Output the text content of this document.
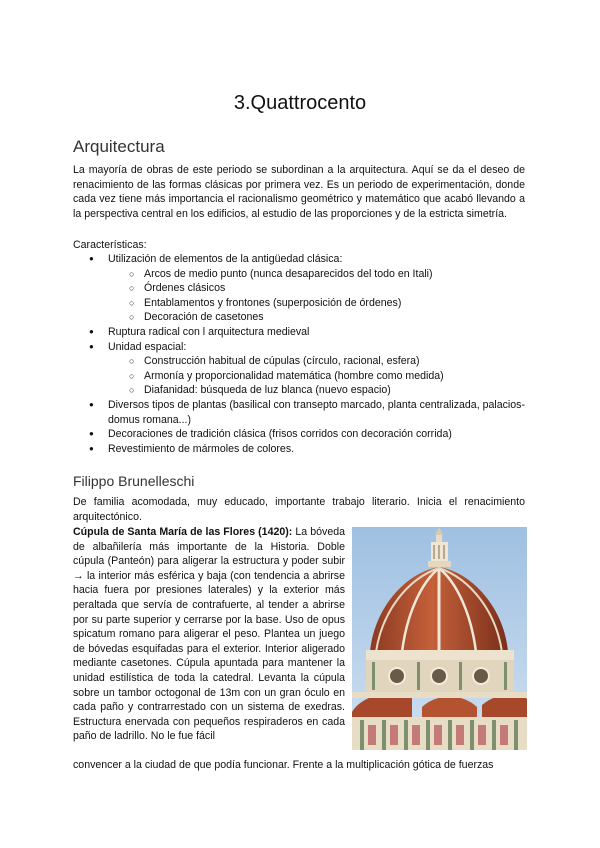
3.Quattrocento
Arquitectura
La mayoría de obras de este periodo se subordinan a la arquitectura. Aquí se da el deseo de renacimiento de las formas clásicas por primera vez. Es un periodo de experimentación, donde cada vez tiene más importancia el racionalismo geométrico y matemático que acabó llevando a la perspectiva central en los edificios, al estudio de las proporciones y de la estricta simetría.
Características:
● Utilización de elementos de la antigüedad clásica:
○ Arcos de medio punto (nunca desaparecidos del todo en Itali)
○ Órdenes clásicos
○ Entablamentos y frontones (superposición de órdenes)
○ Decoración de casetones
● Ruptura radical con l arquitectura medieval
● Unidad espacial:
○ Construcción habitual de cúpulas (círculo, racional, esfera)
○ Armonía y proporcionalidad matemática (hombre como medida)
○ Diafanidad: búsqueda de luz blanca (nuevo espacio)
● Diversos tipos de plantas (basilical con transepto marcado, planta centralizada, palacios-domus romana...)
● Decoraciones de tradición clásica (frisos corridos con decoración corrida)
● Revestimiento de mármoles de colores.
Filippo Brunelleschi
De familia acomodada, muy educado, importante trabajo literario. Inicia el renacimiento arquitectónico.
Cúpula de Santa María de las Flores (1420): La bóveda de albañilería más importante de la Historia. Doble cúpula (Panteón) para aligerar la estructura y poder subir → la interior más esférica y baja (con tendencia a abrirse hacia fuera por presiones laterales) y la exterior más peraltada que servía de contrafuerte, al tender a abrirse por su parte superior y cerrarse por la base. Uso de opus spicatum romano para aligerar el peso. Plantea un juego de bóvedas esquifadas para el exterior. Interior aligerado mediante casetones. Cúpula apuntada para mantener la unidad estilística de toda la catedral. Levanta la cúpula sobre un tambor octogonal de 13m con un gran óculo en cada paño y contrarrestado con un sistema de exedras. Estructura enervada con pequeños respiraderos en cada paño de ladrillo. No le fue fácil
convencer a la ciudad de que podía funcionar. Frente a la multiplicación gótica de fuerzas
